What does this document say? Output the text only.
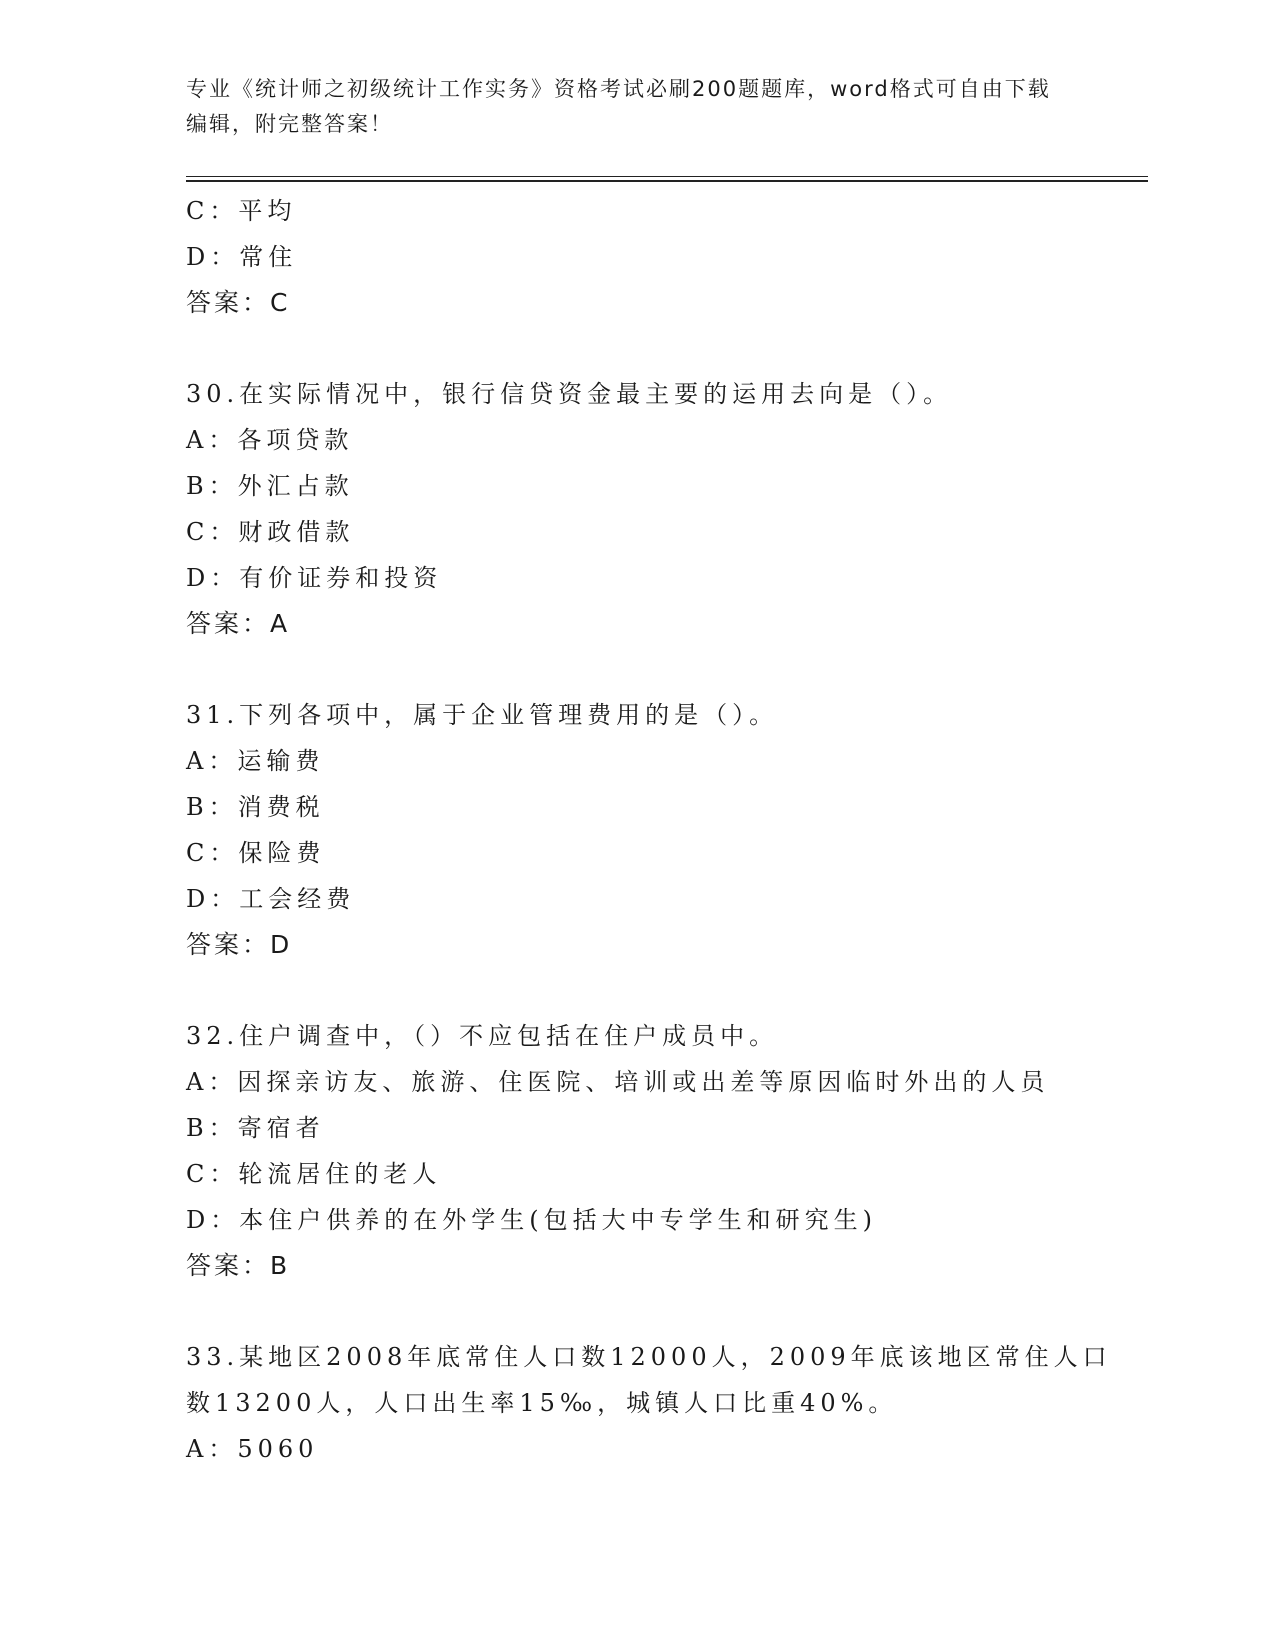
专业《统计师之初级统计工作实务》资格考试必刷200题题库，word格式可自由下载编辑，附完整答案！
C：平均
D：常住
答案：C
30.在实际情况中，银行信贷资金最主要的运用去向是（）。
A：各项贷款
B：外汇占款
C：财政借款
D：有价证券和投资
答案：A
31.下列各项中，属于企业管理费用的是（）。
A：运输费
B：消费税
C：保险费
D：工会经费
答案：D
32.住户调查中，（）不应包括在住户成员中。
A：因探亲访友、旅游、住医院、培训或出差等原因临时外出的人员
B：寄宿者
C：轮流居住的老人
D：本住户供养的在外学生(包括大中专学生和研究生)
答案：B
33.某地区2008年底常住人口数12000人，2009年底该地区常住人口
数13200人，人口出生率15‰，城镇人口比重40%。
A：5060
